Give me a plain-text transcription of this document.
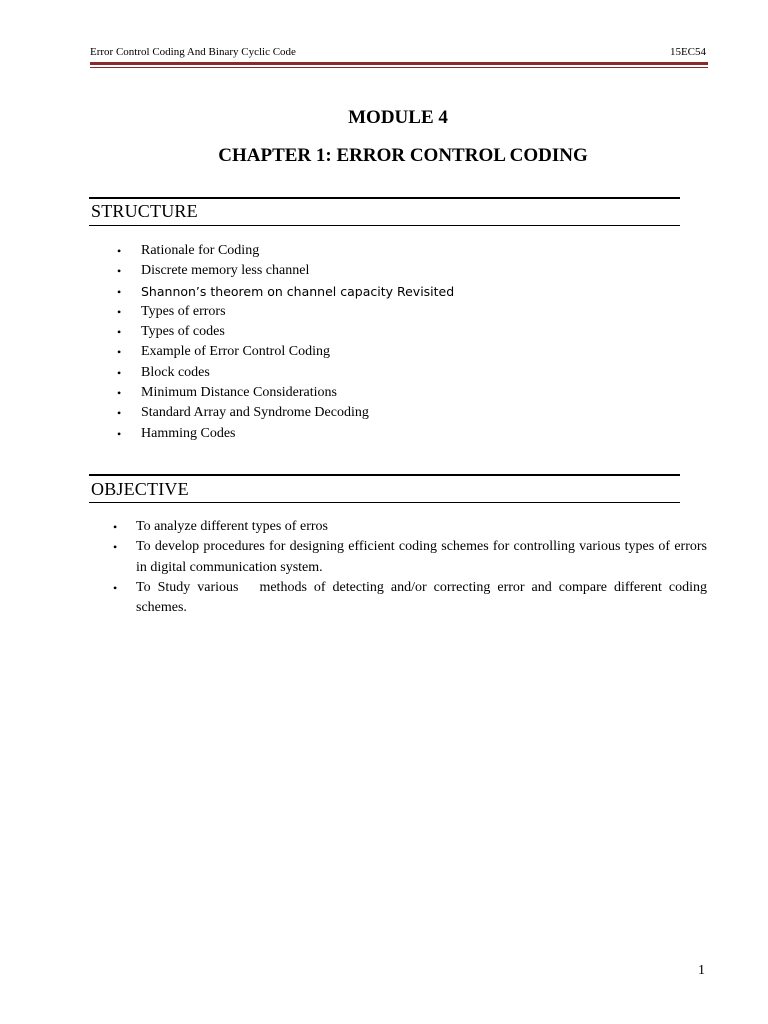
Error Control Coding And Binary Cyclic Code	15EC54
MODULE 4
CHAPTER 1: ERROR CONTROL CODING
STRUCTURE
• Rationale for Coding
• Discrete memory less channel
• Shannon’s theorem on channel capacity Revisited
• Types of errors
• Types of codes
• Example of Error Control Coding
• Block codes
• Minimum Distance Considerations
• Standard Array and Syndrome Decoding
• Hamming Codes
OBJECTIVE
• To analyze different types of erros
• To develop procedures for designing efficient coding schemes for controlling various types of errors in digital communication system.
• To Study various   methods of detecting and/or correcting error and compare different coding schemes.
1
